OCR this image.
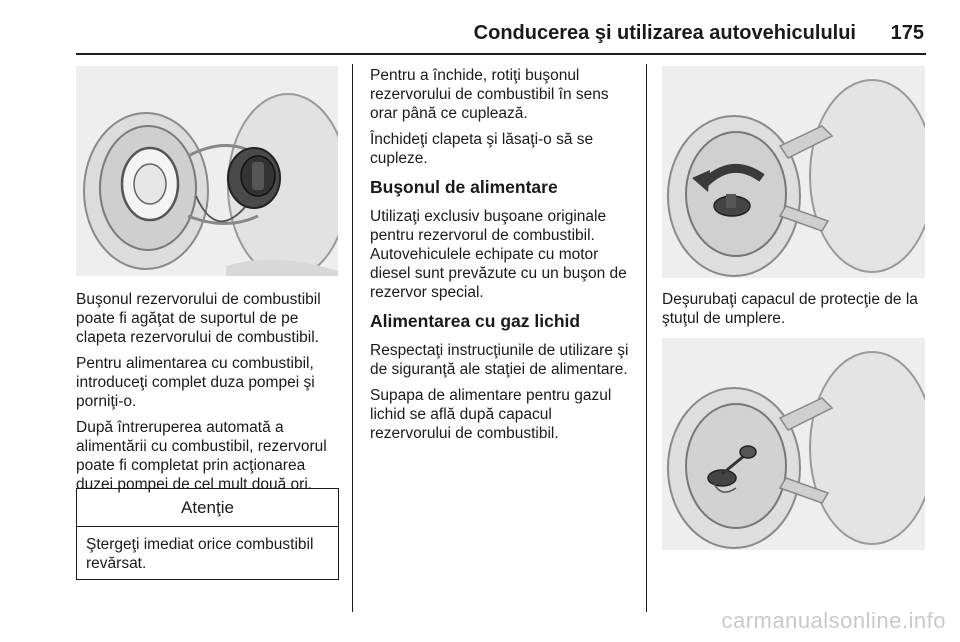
Conducerea şi utilizarea autovehiculului 175

Buşonul rezervorului de combustibil poate fi agăţat de suportul de pe clapeta rezervorului de combustibil.

Pentru alimentarea cu combustibil, introduceţi complet duza pompei şi porniţi-o.

După întreruperea automată a alimentării cu combustibil, rezervorul poate fi completat prin acţionarea duzei pompei de cel mult două ori.

Atenţie
Ştergeţi imediat orice combustibil revărsat.

Pentru a închide, rotiţi buşonul rezervorului de combustibil în sens orar până ce cuplează.

Închideţi clapeta şi lăsaţi-o să se cupleze.

Buşonul de alimentare

Utilizaţi exclusiv buşoane originale pentru rezervorul de combustibil. Autovehiculele echipate cu motor diesel sunt prevăzute cu un buşon de rezervor special.

Alimentarea cu gaz lichid

Respectaţi instrucţiunile de utilizare şi de siguranţă ale staţiei de alimentare.

Supapa de alimentare pentru gazul lichid se află după capacul rezervorului de combustibil.

Deşurubaţi capacul de protecţie de la ştuţul de umplere.

carmanualsonline.info
